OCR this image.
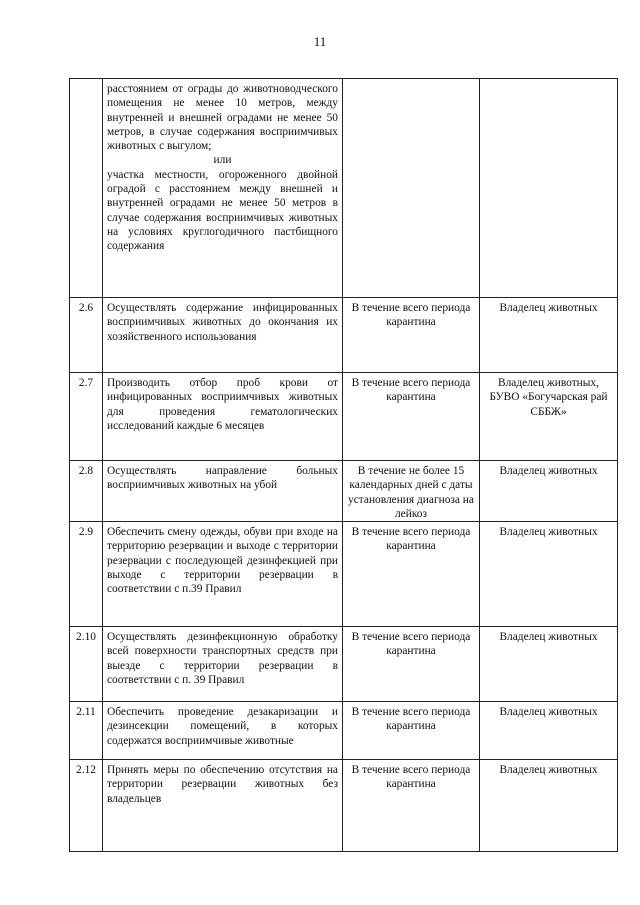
11

	расстоянием от ограды до животноводческого помещения не менее 10 метров, между внутренней и внешней оградами не менее 50 метров, в случае содержания восприимчивых животных с выгулом;

или

участка местности, огороженного двойной оградой с расстоянием между внешней и внутренней оградами не менее 50 метров в случае содержания восприимчивых животных на условиях круглогодичного пастбищного содержания		

2.6	Осуществлять содержание инфицированных восприимчивых животных до окончания их хозяйственного использования	В течение всего периода карантина	Владелец животных
2.7	Производить отбор проб крови от инфицированных восприимчивых животных для проведения гематологических исследований каждые 6 месяцев	В течение всего периода карантина	Владелец животных, БУВО «Богучарская рай СББЖ»
2.8	Осуществлять направление больных восприимчивых животных на убой	В течение не более 15 календарных дней с даты установления диагноза на лейкоз	Владелец животных
2.9	Обеспечить смену одежды, обуви при входе на территорию резервации и выходе с территории резервации с последующей дезинфекцией при выходе с территории резервации в соответствии с п.39 Правил	В течение всего периода карантина	Владелец животных
2.10	Осуществлять дезинфекционную обработку всей поверхности транспортных средств при выезде с территории резервации в соответствии с п. 39 Правил	В течение всего периода карантина	Владелец животных
2.11	Обеспечить проведение дезакаризации и дезинсекции помещений, в которых содержатся восприимчивые животные	В течение всего периода карантина	Владелец животных
2.12	Принять меры по обеспечению отсутствия на территории резервации животных без владельцев	В течение всего периода карантина	Владелец животных
